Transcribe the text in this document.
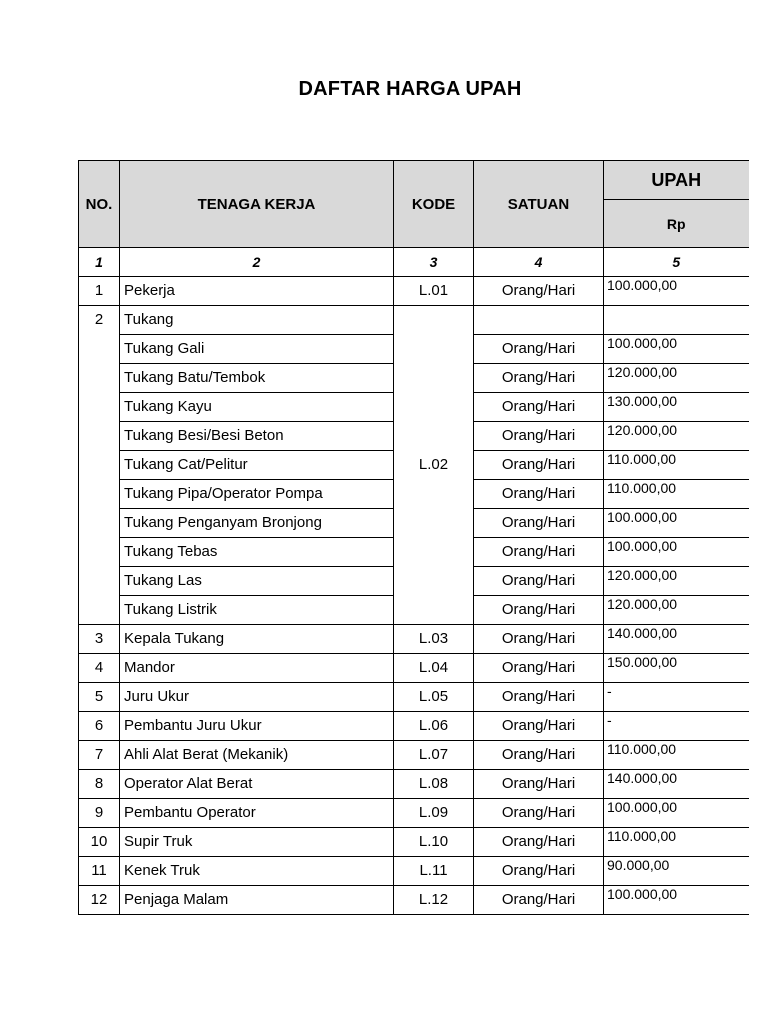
DAFTAR HARGA UPAH
NO.	TENAGA KERJA	KODE	SATUAN	UPAH
				Rp
1	2	3	4	5
1	Pekerja	L.01	Orang/Hari	100.000,00
2	Tukang	L.02		
	Tukang Gali		Orang/Hari	100.000,00
	Tukang Batu/Tembok		Orang/Hari	120.000,00
	Tukang Kayu		Orang/Hari	130.000,00
	Tukang Besi/Besi Beton		Orang/Hari	120.000,00
	Tukang Cat/Pelitur		Orang/Hari	110.000,00
	Tukang Pipa/Operator Pompa		Orang/Hari	110.000,00
	Tukang Penganyam Bronjong		Orang/Hari	100.000,00
	Tukang Tebas		Orang/Hari	100.000,00
	Tukang Las		Orang/Hari	120.000,00
	Tukang Listrik		Orang/Hari	120.000,00
3	Kepala Tukang	L.03	Orang/Hari	140.000,00
4	Mandor	L.04	Orang/Hari	150.000,00
5	Juru Ukur	L.05	Orang/Hari	-
6	Pembantu Juru Ukur	L.06	Orang/Hari	-
7	Ahli Alat Berat (Mekanik)	L.07	Orang/Hari	110.000,00
8	Operator Alat Berat	L.08	Orang/Hari	140.000,00
9	Pembantu Operator	L.09	Orang/Hari	100.000,00
10	Supir Truk	L.10	Orang/Hari	110.000,00
11	Kenek Truk	L.11	Orang/Hari	90.000,00
12	Penjaga Malam	L.12	Orang/Hari	100.000,00
